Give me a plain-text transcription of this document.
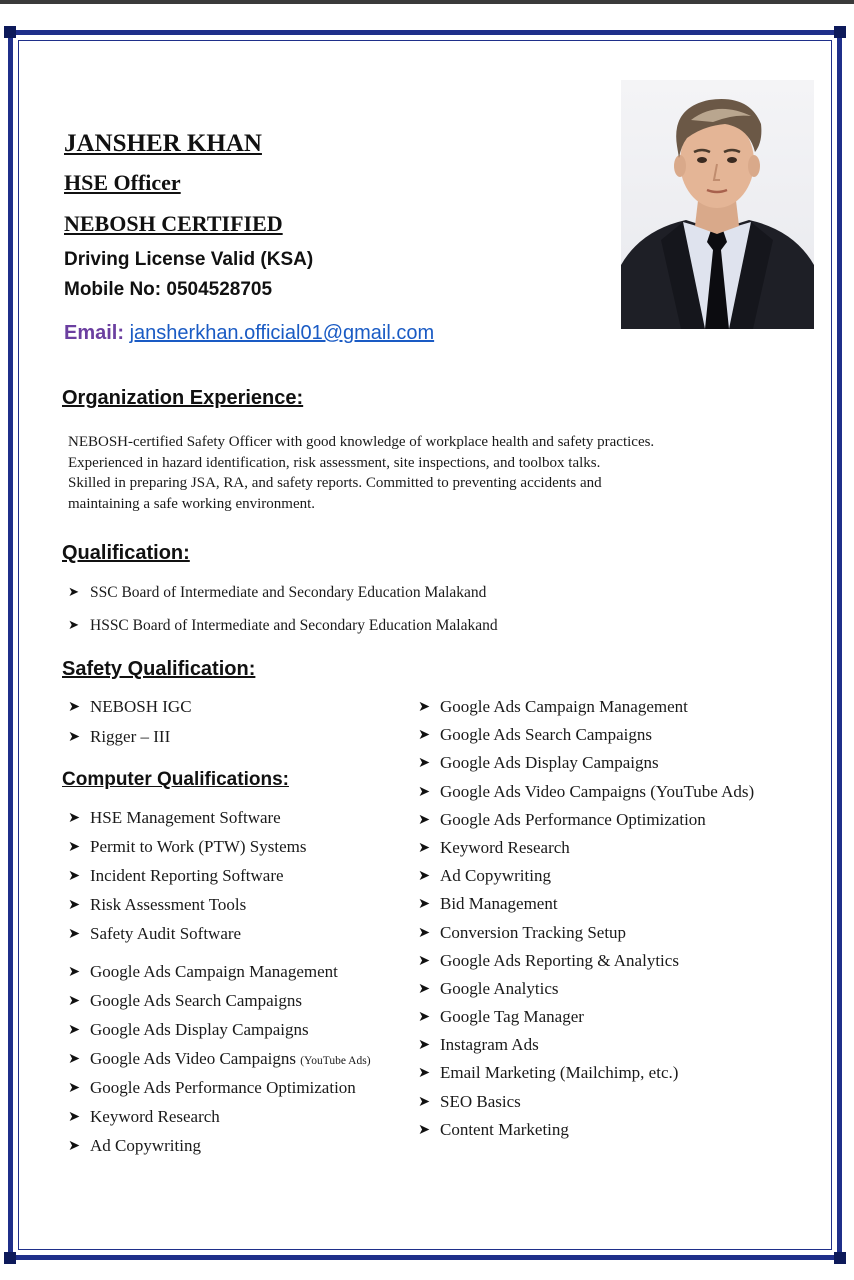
JANSHER KHAN
HSE Officer
NEBOSH CERTIFIED
Driving License Valid (KSA)
Mobile No: 0504528705
Email: jansherkhan.official01@gmail.com
Organization Experience:
NEBOSH-certified Safety Officer with good knowledge of workplace health and safety practices.
Experienced in hazard identification, risk assessment, site inspections, and toolbox talks.
Skilled in preparing JSA, RA, and safety reports. Committed to preventing accidents and
maintaining a safe working environment.
Qualification:
➤ SSC Board of Intermediate and Secondary Education Malakand
➤ HSSC Board of Intermediate and Secondary Education Malakand
Safety Qualification:
➤ NEBOSH IGC
➤ Rigger – III
Computer Qualifications:
➤ HSE Management Software
➤ Permit to Work (PTW) Systems
➤ Incident Reporting Software
➤ Risk Assessment Tools
➤ Safety Audit Software
➤ Google Ads Campaign Management
➤ Google Ads Search Campaigns
➤ Google Ads Display Campaigns
➤ Google Ads Video Campaigns (YouTube Ads)
➤ Google Ads Performance Optimization
➤ Keyword Research
➤ Ad Copywriting
➤ Google Ads Campaign Management
➤ Google Ads Search Campaigns
➤ Google Ads Display Campaigns
➤ Google Ads Video Campaigns (YouTube Ads)
➤ Google Ads Performance Optimization
➤ Keyword Research
➤ Ad Copywriting
➤ Bid Management
➤ Conversion Tracking Setup
➤ Google Ads Reporting & Analytics
➤ Google Analytics
➤ Google Tag Manager
➤ Instagram Ads
➤ Email Marketing (Mailchimp, etc.)
➤ SEO Basics
➤ Content Marketing
